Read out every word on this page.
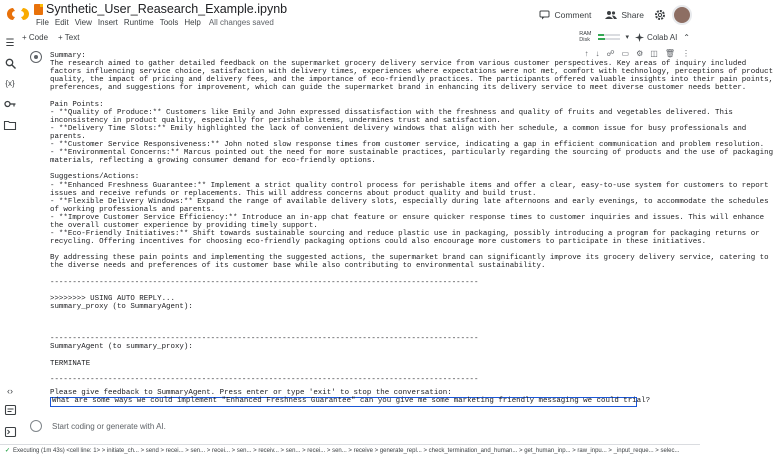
Synthetic_User_Reasearch_Example.ipynb
File Edit View Insert Runtime Tools Help All changes saved
Comment	Share
+ Code + Text	RAM
Disk	▾ Colab AI ⌃
☰
{x}
‹›
↑ ↓ ☍ ▭ ⚙ ◫ 🗑 ⋮
Summary:
The research aimed to gather detailed feedback on the supermarket grocery delivery service from various customer perspectives. Key areas of inquiry included
factors influencing service choice, satisfaction with delivery times, experiences where expectations were not met, comfort with technology, perceptions of product
quality, the impact of pricing and delivery fees, and the importance of eco-friendly practices. The participants offered valuable insights into their pain points,
preferences, and suggestions for improvement, which can guide the supermarket brand in enhancing its delivery service to meet diverse customer needs better.
Pain Points:
- **Quality of Produce:** Customers like Emily and John expressed dissatisfaction with the freshness and quality of fruits and vegetables delivered. This
inconsistency in product quality, especially for perishable items, undermines trust and satisfaction.
- **Delivery Time Slots:** Emily highlighted the lack of convenient delivery windows that align with her schedule, a common issue for busy professionals and
parents.
- **Customer Service Responsiveness:** John noted slow response times from customer service, indicating a gap in efficient communication and problem resolution.
- **Environmental Concerns:** Marcus pointed out the need for more sustainable practices, particularly regarding the sourcing of products and the use of packaging
materials, reflecting a growing consumer demand for eco-friendly options.
Suggestions/Actions:
- **Enhanced Freshness Guarantee:** Implement a strict quality control process for perishable items and offer a clear, easy-to-use system for customers to report
issues and receive refunds or replacements. This will address concerns about product quality and build trust.
- **Flexible Delivery Windows:** Expand the range of available delivery slots, especially during late afternoons and early evenings, to accommodate the schedules
of working professionals and parents.
- **Improve Customer Service Efficiency:** Introduce an in-app chat feature or ensure quicker response times to customer inquiries and issues. This will enhance
the overall customer experience by providing timely support.
- **Eco-Friendly Initiatives:** Shift towards sustainable sourcing and reduce plastic use in packaging, possibly introducing a program for packaging returns or
recycling. Offering incentives for choosing eco-friendly packaging options could also encourage more customers to participate in these initiatives.
By addressing these pain points and implementing the suggested actions, the supermarket brand can significantly improve its grocery delivery service, catering to
the diverse needs and preferences of its customer base while also contributing to environmental sustainability.
-----
>>>>>>>> USING AUTO REPLY...
summary_proxy (to SummaryAgent):
-----
SummaryAgent (to summary_proxy):
TERMINATE
-----
Please give feedback to SummaryAgent. Press enter or type 'exit' to stop the conversation:
What are some ways we could implement "Enhanced Freshness Guarantee" can you give me some marketing friendly messaging we could trial?
Start coding or generate with AI.
✓ Executing (1m 43s) <cell line: 1> > initiate_ch... > send > recei... > sen... > recei... > sen... > receiv... > sen... > recei... > sen... > receive > generate_repl... > check_termination_and_human... > get_human_inp... > raw_inpu... > _input_reque... > selec...
